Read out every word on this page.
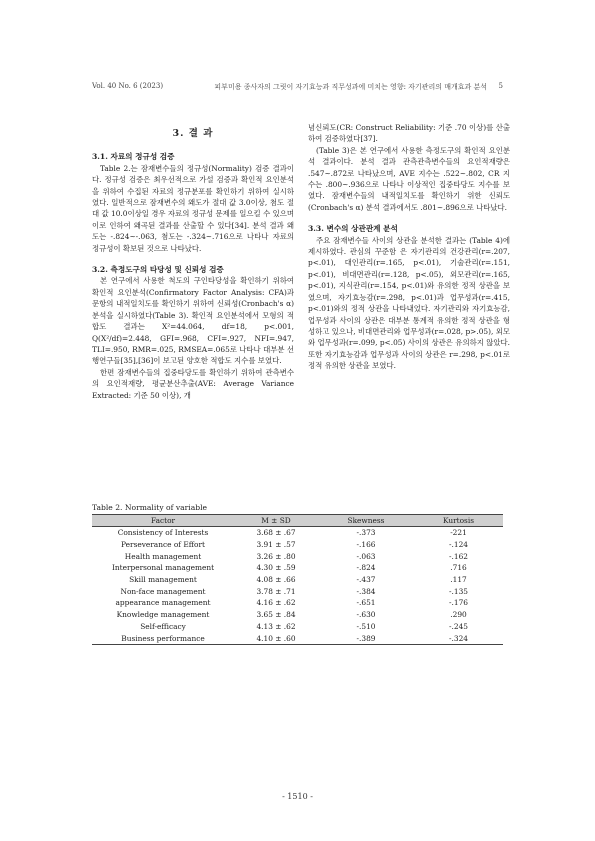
Vol. 40 No. 6 (2023)	피부미용 종사자의 그릿이 자기효능과 직무성과에 미치는 영향: 자기관리의 매개효과 분석 5
3. 결 과

3.1. 자료의 정규성 검증

Table 2.는 잠재변수들의 정규성(Normality) 검증 결과이다. 정규성 검증은 최우선적으로 가설 검증과 확인적 요인분석을 위하여 수집된 자료의 정규분포를 확인하기 위하여 실시하였다. 일반적으로 잠재변수의 왜도가 절대 값 3.0이상, 첨도 절대 값 10.0이상일 경우 자료의 정규성 문제를 일으킬 수 있으며 이로 인하여 왜곡된 결과를 산출할 수 있다[34]. 분석 결과 왜도는 -.824~-.063, 첨도는 -.324~.716으로 나타나 자료의 정규성이 확보된 것으로 나타났다.

3.2. 측정도구의 타당성 및 신뢰성 검증

본 연구에서 사용한 척도의 구인타당성을 확인하기 위하여 확인적 요인분석(Confirmatory Factor Analysis: CFA)과 문항의 내적일치도를 확인하기 위하여 신뢰성(Cronbach's α) 분석을 실시하였다(Table 3). 확인적 요인분석에서 모형의 적합도 결과는 X²=44.064, df=18, p<.001, Q(X²/df)=2.448, GFI=.968, CFI=.927, NFI=.947, TLI=.950, RMR=.025, RMSEA=.065로 나타나 대부분 선행연구들[35],[36]이 보고된 양호한 적합도 지수를 보였다.

한편 잠재변수들의 집중타당도를 확인하기 위하여 관측변수의 요인적재량, 평균분산추출(AVE: Average Variance Extracted: 기준 50 이상), 개

념신뢰도(CR: Construct Reliability: 기준 .70 이상)를 산출하여 검증하였다[37].

(Table 3)은 본 연구에서 사용한 측정도구의 확인적 요인분석 결과이다. 분석 결과 관측관측변수들의 요인적재량은 .547~.872로 나타났으며, AVE 지수는 .522~.802, CR 지수는 .800~.936으로 나타나 이상적인 집중타당도 지수를 보였다. 잠재변수들의 내적일치도를 확인하기 위한 신뢰도(Cronbach's α) 분석 결과에서도 .801~.896으로 나타났다.

3.3. 변수의 상관관계 분석

주요 잠재변수들 사이의 상관을 분석한 결과는 (Table 4)에 제시하였다. 관심의 꾸준함 은 자기관리의 건강관리(r=.207, p<.01), 대인관리(r=.165, p<.01), 기술관리(r=.151, p<.01), 비대면관리(r=.128, p<.05), 외모관리(r=.165, p<.01), 지식관리(r=.154, p<.01)와 유의한 정적 상관을 보였으며, 자기효능감(r=.298, p<.01)과 업무성과(r=.415, p<.01)와의 정적 상관을 나타내었다. 자기관리와 자기효능감, 업무성과 사이의 상관은 대부분 통계적 유의한 정적 상관을 형성하고 있으나, 비대면관리와 업무성과(r=.028, p>.05), 외모와 업무성과(r=.099, p<.05) 사이의 상관은 유의하지 않았다. 또한 자기효능감과 업무성과 사이의 상관은 r=.298, p<.01로 정적 유의한 상관을 보였다.

Table 2. Normality of variable
Factor	M ± SD	Skewness	Kurtosis
Consistency of Interests	3.68 ± .67	-.373	-221
Perseverance of Effort	3.91 ± .57	-.166	-.124
Health management	3.26 ± .80	-.063	-.162
Interpersonal management	4.30 ± .59	-.824	.716
Skill management	4.08 ± .66	-.437	.117
Non-face management	3.78 ± .71	-.384	-.135
appearance management	4.16 ± .62	-.651	-.176
Knowledge management	3.65 ± .84	-.630	.290
Self-efficacy	4.13 ± .62	-.510	-.245
Business performance	4.10 ± .60	-.389	-.324
- 1510 -
